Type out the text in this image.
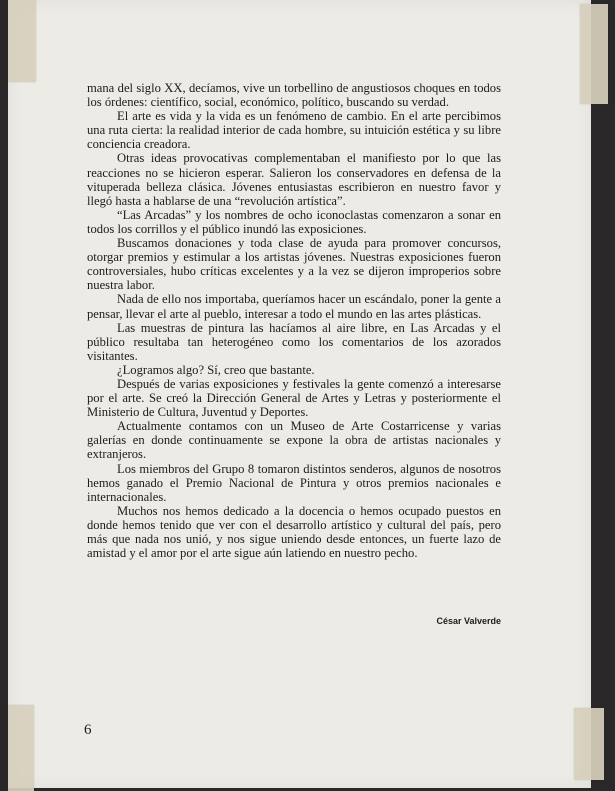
mana del siglo XX, decíamos, vive un torbellino de angustiosos choques en todos los órdenes: científico, social, económico, político, buscando su verdad.

El arte es vida y la vida es un fenómeno de cambio. En el arte percibimos una ruta cierta: la realidad interior de cada hombre, su intuición estética y su libre conciencia creadora.

Otras ideas provocativas complementaban el manifiesto por lo que las reacciones no se hicieron esperar. Salieron los conservadores en defensa de la vituperada belleza clásica. Jóvenes entusiastas escribieron en nuestro favor y llegó hasta a hablarse de una “revolución artística”.

“Las Arcadas” y los nombres de ocho iconoclastas comenzaron a sonar en todos los corrillos y el público inundó las exposiciones.

Buscamos donaciones y toda clase de ayuda para promover concursos, otorgar premios y estimular a los artistas jóvenes. Nuestras exposiciones fueron controversiales, hubo críticas excelentes y a la vez se dijeron improperios sobre nuestra labor.

Nada de ello nos importaba, queríamos hacer un escándalo, poner la gente a pensar, llevar el arte al pueblo, interesar a todo el mundo en las artes plásticas.

Las muestras de pintura las hacíamos al aire libre, en Las Arcadas y el público resultaba tan heterogéneo como los comentarios de los azorados visitantes.

¿Logramos algo? Sí, creo que bastante.

Después de varias exposiciones y festivales la gente comenzó a interesarse por el arte. Se creó la Dirección General de Artes y Letras y posteriormente el Ministerio de Cultura, Juventud y Deportes.

Actualmente contamos con un Museo de Arte Costarricense y varias galerías en donde continuamente se expone la obra de artistas nacionales y extranjeros.

Los miembros del Grupo 8 tomaron distintos senderos, algunos de nosotros hemos ganado el Premio Nacional de Pintura y otros premios nacionales e internacionales.

Muchos nos hemos dedicado a la docencia o hemos ocupado puestos en donde hemos tenido que ver con el desarrollo artístico y cultural del país, pero más que nada nos unió, y nos sigue uniendo desde entonces, un fuerte lazo de amistad y el amor por el arte sigue aún latiendo en nuestro pecho.

César Valverde
6
